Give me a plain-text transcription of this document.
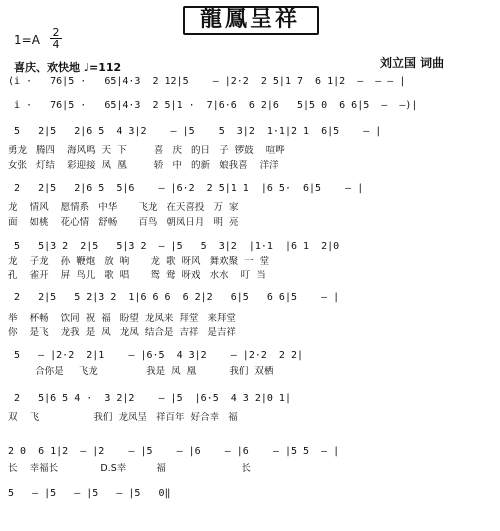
龍鳳呈祥
$1=A \frac{2}{4}$
喜庆、欢快地 ♩=112	刘立国 词曲
(i ·   76|5 ·   65|4·3  2 12|5    — |2·2  2 5|1 7  6 1|2  —  — — |
i ·   76|5 ·   65|4·3  2 5|1 ·  7|6·6  6 2|6   5|5 0  6 6|5  —  —)|
5   2|5   2|6 5  4 3|2    — |5    5  3|2  1·1|2 1  6|5    — |
勇龙   腾四    海风鸣  天  下         喜   庆   的日   子  锣鼓    喧哗
女张   灯结    彩迎接  凤  凰         轿   中   的新   娘我喜    洋洋
2   2|5   2|6 5  5|6    — |6·2  2 5|1 1  |6 5·  6|5    — |
龙    情风    愿情系   中华       飞龙   在天喜投   万  家
面    如桃    花心情   舒畅       百鸟   朝凤日月   明  亮
5   5|3 2  2|5   5|3 2  — |5   5  3|2  |1·1  |6 1  2|0
龙    子龙    孙  鞭炮   放  响       龙  歌  呀风   舞欢聚  一  堂
孔    雀开    屏  鸟儿   歌  唱       鸳  鸯  呀戏   水水    叮  当
2   2|5   5 2|3 2  1|6 6 6  6 2|2   6|5   6 6|5    — |
举    杯畅    饮同  祝  福   盼望  龙凤来  拜堂   来拜堂
你    是飞    龙我  是  凤   龙凤  结合是  吉祥   是吉祥
5   — |2·2  2|1    — |6·5  4 3|2    — |2·2  2 2|
合你是     飞龙                我是  凤  凰           我们  双栖
2   5|6 5 4 ·  3 2|2    — |5  |6·5  4 3 2|0 1|
双    飞                  我们  龙凤呈   祥百年  好合幸   福
2 0  6 1|2  — |2    — |5    — |6    — |6    — |5 5  — |
长    幸福长              D.S幸          福                         长
5   — |5   — |5   — |5   0‖
